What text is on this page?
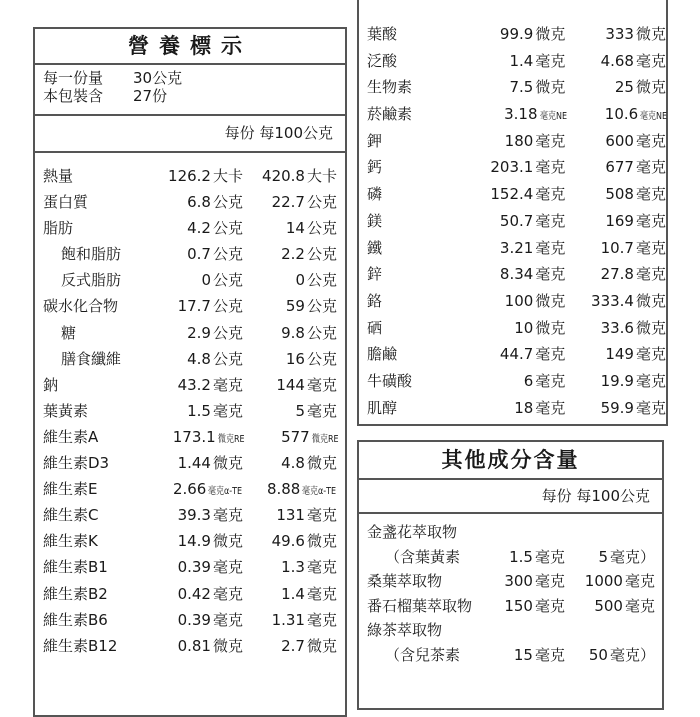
營養標示
每一份量 30公克
本包裝含 27份
每份 每100公克
熱量	126.2 大卡	420.8 大卡
蛋白質	6.8 公克	22.7 公克
脂肪	4.2 公克	14 公克
飽和脂肪	0.7 公克	2.2 公克
反式脂肪	0 公克	0 公克
碳水化合物	17.7 公克	59 公克
糖	2.9 公克	9.8 公克
膳食纖維	4.8 公克	16 公克
鈉	43.2 毫克	144 毫克
葉黃素	1.5 毫克	5 毫克
維生素A	173.1 微克RE	577 微克RE
維生素D3	1.44 微克	4.8 微克
維生素E	2.66 毫克α-TE	8.88 毫克α-TE
維生素C	39.3 毫克	131 毫克
維生素K	14.9 微克	49.6 微克
維生素B1	0.39 毫克	1.3 毫克
維生素B2	0.42 毫克	1.4 毫克
維生素B6	0.39 毫克	1.31 毫克
維生素B12	0.81 微克	2.7 微克
葉酸	99.9 微克	333 微克
泛酸	1.4 毫克	4.68 毫克
生物素	7.5 微克	25 微克
菸鹼素	3.18 毫克NE	10.6 毫克NE
鉀	180 毫克	600 毫克
鈣	203.1 毫克	677 毫克
磷	152.4 毫克	508 毫克
鎂	50.7 毫克	169 毫克
鐵	3.21 毫克	10.7 毫克
鋅	8.34 毫克	27.8 毫克
鉻	100 微克	333.4 微克
硒	10 微克	33.6 微克
膽鹼	44.7 毫克	149 毫克
牛磺酸	6 毫克	19.9 毫克
肌醇	18 毫克	59.9 毫克
其他成分含量
每份 每100公克
金盞花萃取物
（含葉黃素	1.5 毫克	5 毫克）
桑葉萃取物	300 毫克	1000 毫克
番石榴葉萃取物	150 毫克	500 毫克
綠茶萃取物
（含兒茶素	15 毫克	50 毫克）
